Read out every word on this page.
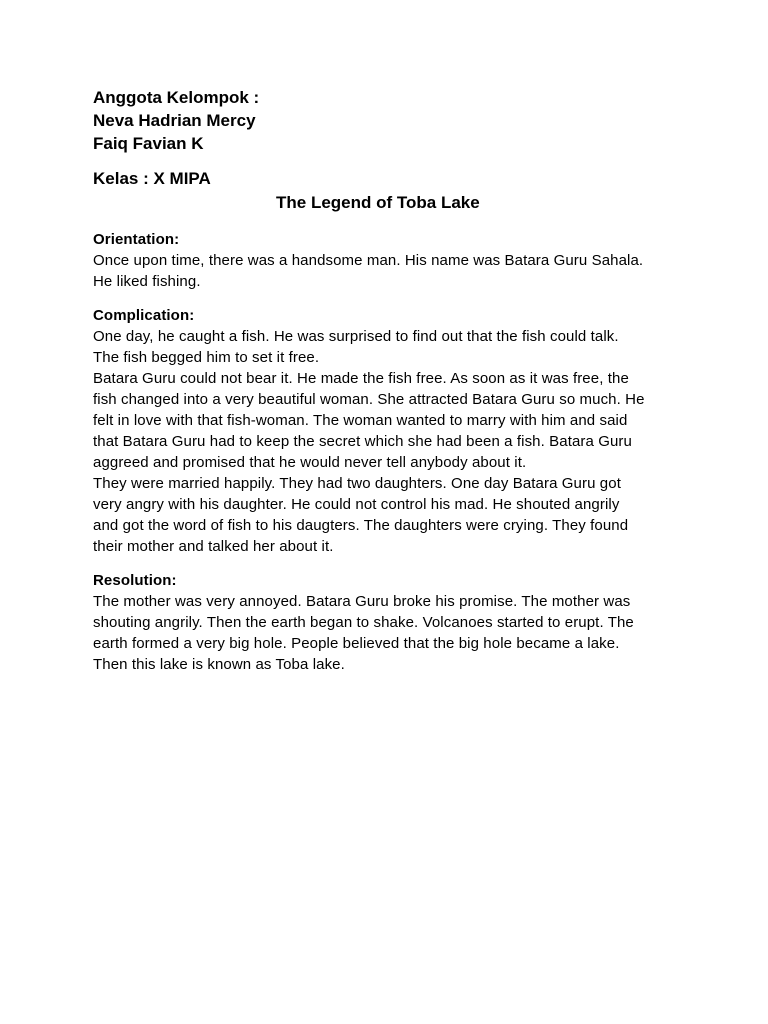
Anggota Kelompok :

Neva Hadrian Mercy

Faiq Favian K

Kelas : X MIPA

The Legend of Toba Lake

Orientation:

Once upon time, there was a handsome man. His name was Batara Guru Sahala. He liked fishing.

Complication:

One day, he caught a fish. He was surprised to find out that the fish could talk. The fish begged him to set it free.

Batara Guru could not bear it. He made the fish free. As soon as it was free, the fish changed into a very beautiful woman. She attracted Batara Guru so much. He felt in love with that fish-woman. The woman wanted to marry with him and said that Batara Guru had to keep the secret which she had been a fish. Batara Guru aggreed and promised that he would never tell anybody about it.

They were married happily. They had two daughters. One day Batara Guru got very angry with his daughter. He could not control his mad. He shouted angrily and got the word of fish to his daugters. The daughters were crying. They found their mother and talked her about it.

Resolution:

The mother was very annoyed. Batara Guru broke his promise. The mother was shouting angrily. Then the earth began to shake. Volcanoes started to erupt. The earth formed a very big hole. People believed that the big hole became a lake. Then this lake is known as Toba lake.
